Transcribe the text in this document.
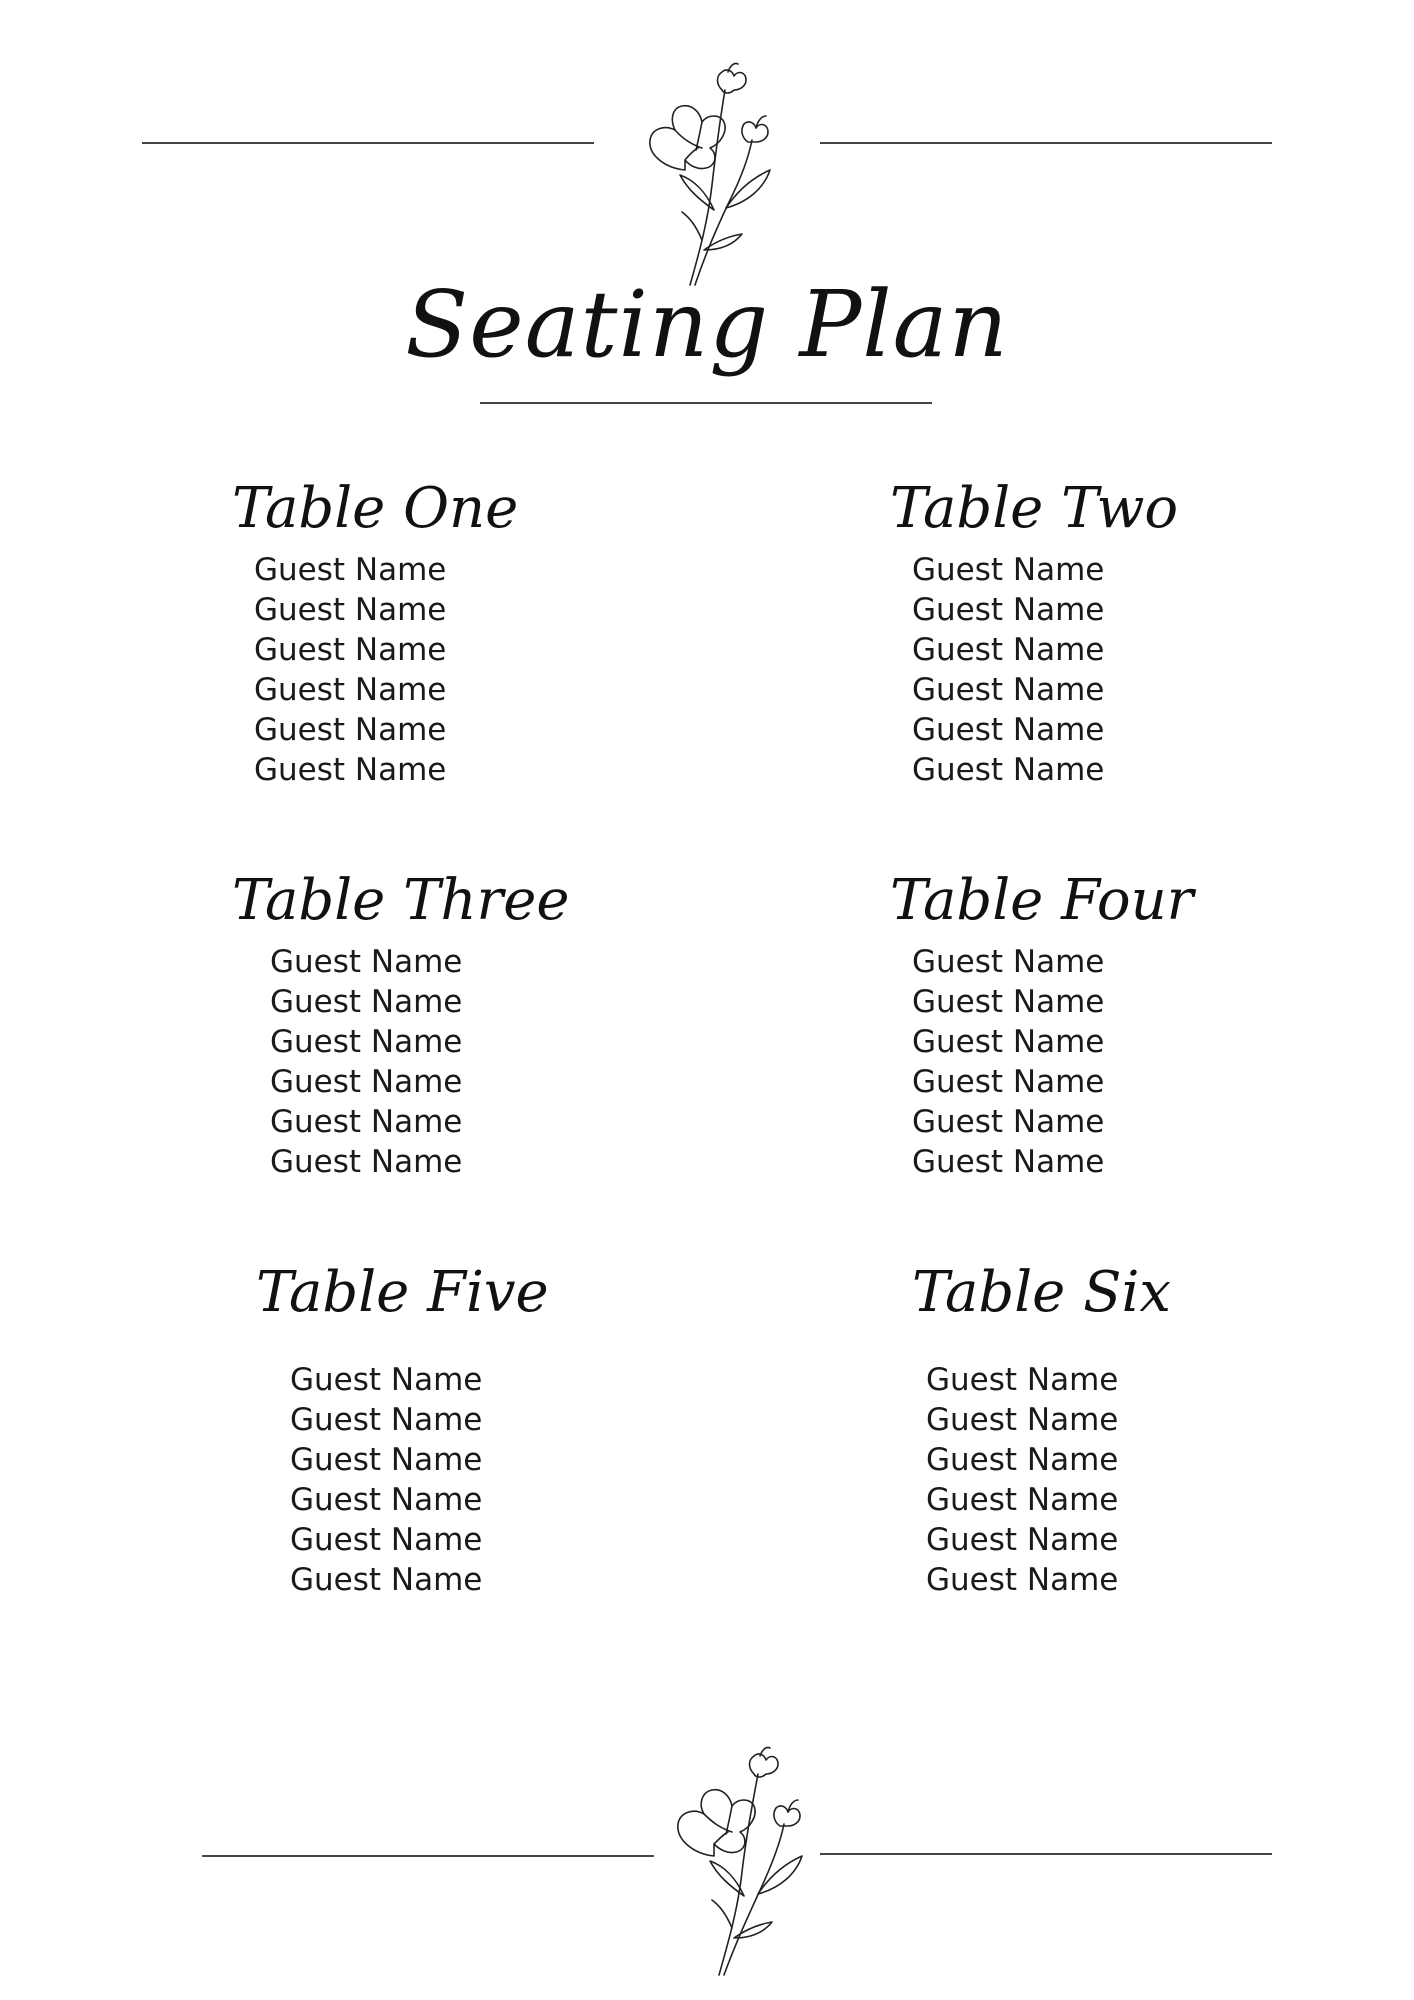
Seating Plan
Table One
Guest Name
Guest Name
Guest Name
Guest Name
Guest Name
Guest Name
Table Two
Guest Name
Guest Name
Guest Name
Guest Name
Guest Name
Guest Name
Table Three
Guest Name
Guest Name
Guest Name
Guest Name
Guest Name
Guest Name
Table Four
Guest Name
Guest Name
Guest Name
Guest Name
Guest Name
Guest Name
Table Five
Guest Name
Guest Name
Guest Name
Guest Name
Guest Name
Guest Name
Table Six
Guest Name
Guest Name
Guest Name
Guest Name
Guest Name
Guest Name
